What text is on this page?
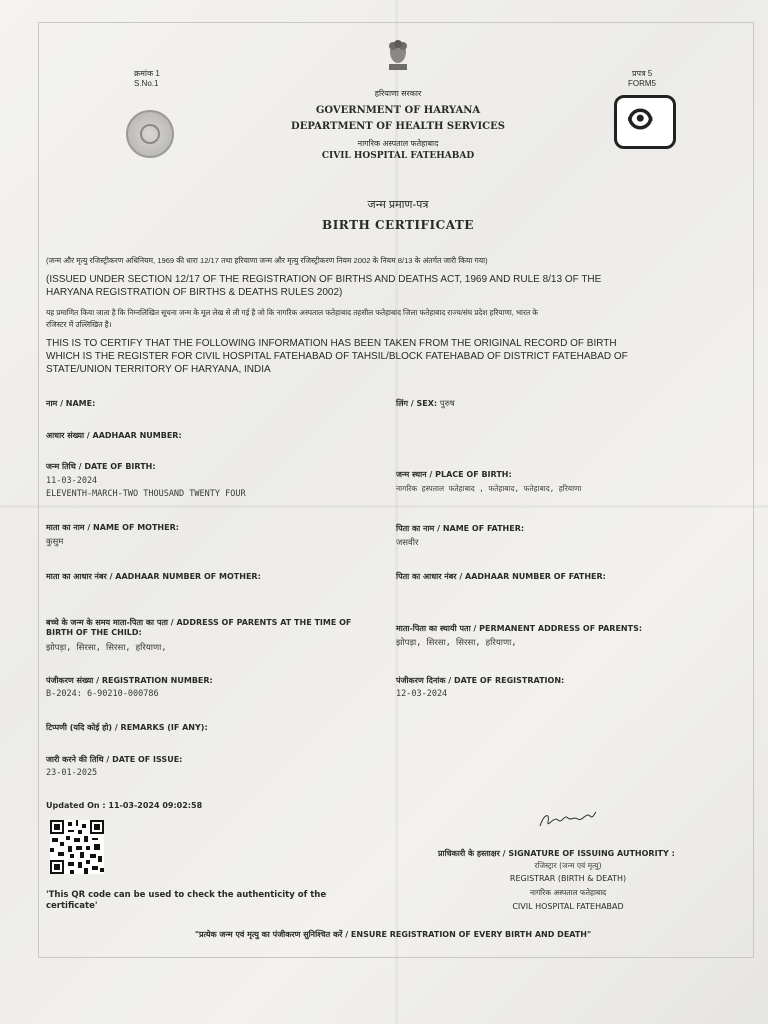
क्रमांक 1
S.No.1
हरियाणा सरकार
GOVERNMENT OF HARYANA
DEPARTMENT OF HEALTH SERVICES
नागरिक अस्पताल फतेहाबाद
CIVIL HOSPITAL FATEHABAD
प्रपत्र 5
FORM5
जन्म प्रमाण-पत्र
BIRTH CERTIFICATE
(जन्म और मृत्यु रजिस्ट्रीकरण अधिनियम, 1969 की धारा 12/17 तथा हरियाणा जन्म और मृत्यु रजिस्ट्रीकरण नियम 2002 के नियम 8/13 के अंतर्गत जारी किया गया)
(ISSUED UNDER SECTION 12/17 OF THE REGISTRATION OF BIRTHS AND DEATHS ACT, 1969 AND RULE 8/13 OF THE
HARYANA REGISTRATION OF BIRTHS & DEATHS RULES 2002)
यह प्रमाणित किया जाता है कि निम्नलिखित सूचना जन्म के मूल लेख से ली गई है जो कि नागरिक अस्पताल फतेहाबाद तहसील फतेहाबाद जिला फतेहाबाद राज्य/संघ प्रदेश हरियाणा, भारत के
रजिस्टर में उल्लिखित है।
THIS IS TO CERTIFY THAT THE FOLLOWING INFORMATION HAS BEEN TAKEN FROM THE ORIGINAL RECORD OF BIRTH
WHICH IS THE REGISTER FOR CIVIL HOSPITAL FATEHABAD OF TAHSIL/BLOCK FATEHABAD OF DISTRICT FATEHABAD OF
STATE/UNION TERRITORY OF HARYANA, INDIA
नाम / NAME:
आधार संख्या / AADHAAR NUMBER:
जन्म तिथि / DATE OF BIRTH:
11-03-2024
ELEVENTH-MARCH-TWO THOUSAND TWENTY FOUR
माता का नाम / NAME OF MOTHER:
कुसुम
माता का आधार नंबर / AADHAAR NUMBER OF MOTHER:
बच्चे के जन्म के समय माता-पिता का पता / ADDRESS OF PARENTS AT THE TIME OF
BIRTH OF THE CHILD:
झोपड़ा, सिरसा, सिरसा, हरियाणा,
पंजीकरण संख्या / REGISTRATION NUMBER:
B-2024: 6-90210-000786
टिप्पणी (यदि कोई हो) / REMARKS (IF ANY):
जारी करने की तिथि / DATE OF ISSUE:
23-01-2025
Updated On : 11-03-2024 09:02:58
लिंग / SEX: पुरुष
जन्म स्थान / PLACE OF BIRTH:
नागरिक हस्पताल फतेहाबाद , फतेहाबाद, फतेहाबाद, हरियाणा
पिता का नाम / NAME OF FATHER:
जसवीर
पिता का आधार नंबर / AADHAAR NUMBER OF FATHER:
माता-पिता का स्थायी पता / PERMANENT ADDRESS OF PARENTS:
झोपड़ा, सिरसा, सिरसा, हरियाणा,
पंजीकरण दिनांक / DATE OF REGISTRATION:
12-03-2024
'This QR code can be used to check the authenticity of the
certificate'
प्राधिकारी के हस्ताक्षर / SIGNATURE OF ISSUING AUTHORITY :
रजिस्ट्रार (जन्म एवं मृत्यु)
REGISTRAR (BIRTH & DEATH)
नागरिक अस्पताल फतेहाबाद
CIVIL HOSPITAL FATEHABAD
"प्रत्येक जन्म एवं मृत्यु का पंजीकरण सुनिश्चित करें / ENSURE REGISTRATION OF EVERY BIRTH AND DEATH"
